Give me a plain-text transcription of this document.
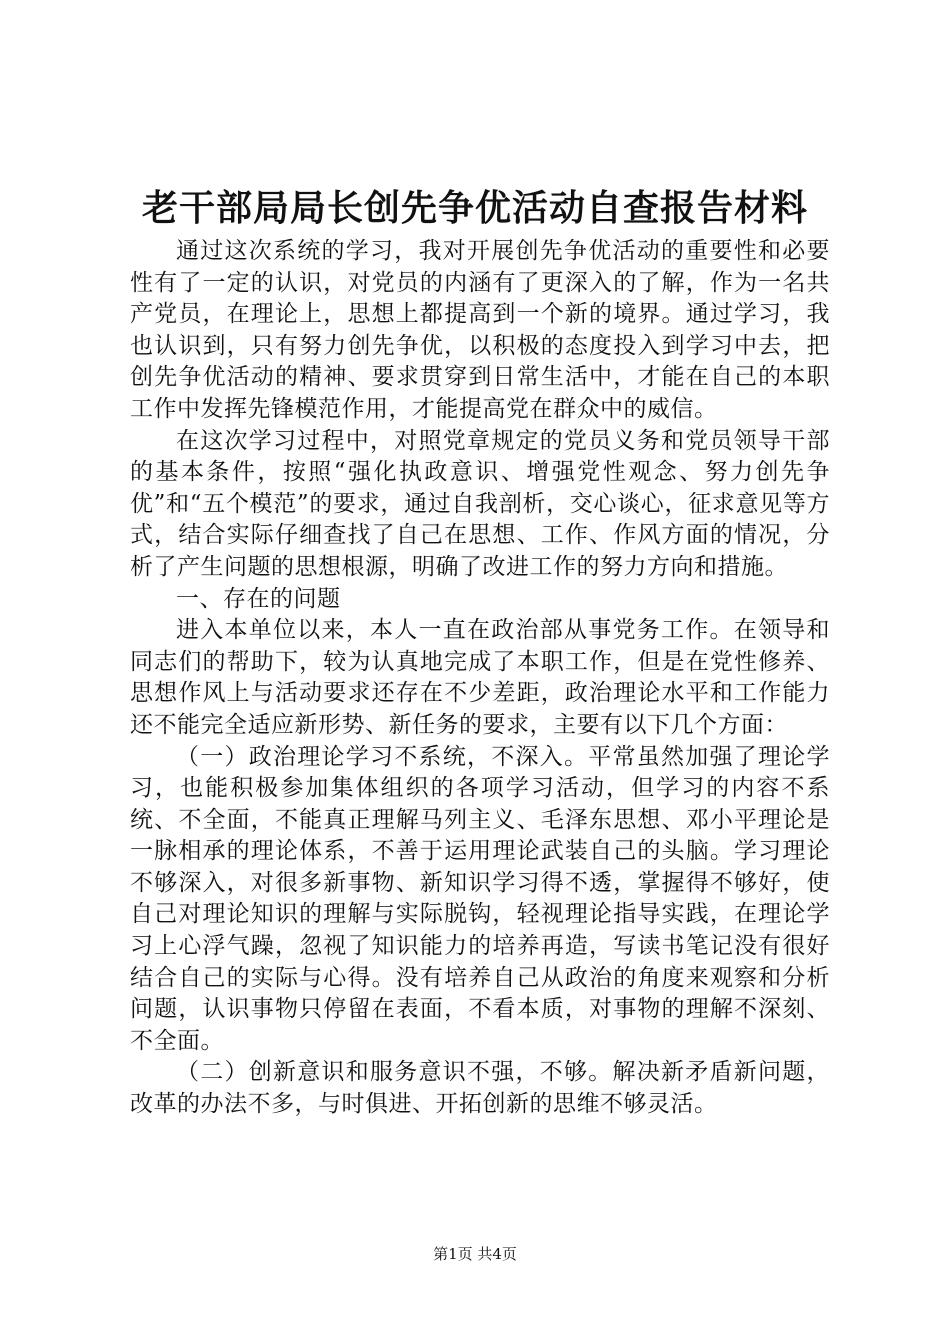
老干部局局长创先争优活动自查报告材料

通过这次系统的学习，我对开展创先争优活动的重要性和必要性有了一定的认识，对党员的内涵有了更深入的了解，作为一名共产党员，在理论上，思想上都提高到一个新的境界。通过学习，我也认识到，只有努力创先争优，以积极的态度投入到学习中去，把创先争优活动的精神、要求贯穿到日常生活中，才能在自己的本职工作中发挥先锋模范作用，才能提高党在群众中的威信。

在这次学习过程中，对照党章规定的党员义务和党员领导干部的基本条件，按照“强化执政意识、增强党性观念、努力创先争优”和“五个模范”的要求，通过自我剖析，交心谈心，征求意见等方式，结合实际仔细查找了自己在思想、工作、作风方面的情况，分析了产生问题的思想根源，明确了改进工作的努力方向和措施。

一、存在的问题

进入本单位以来，本人一直在政治部从事党务工作。在领导和同志们的帮助下，较为认真地完成了本职工作，但是在党性修养、思想作风上与活动要求还存在不少差距，政治理论水平和工作能力还不能完全适应新形势、新任务的要求，主要有以下几个方面：

（一）政治理论学习不系统，不深入。平常虽然加强了理论学习，也能积极参加集体组织的各项学习活动，但学习的内容不系统、不全面，不能真正理解马列主义、毛泽东思想、邓小平理论是一脉相承的理论体系，不善于运用理论武装自己的头脑。学习理论不够深入，对很多新事物、新知识学习得不透，掌握得不够好，使自己对理论知识的理解与实际脱钩，轻视理论指导实践，在理论学习上心浮气躁，忽视了知识能力的培养再造，写读书笔记没有很好结合自己的实际与心得。没有培养自己从政治的角度来观察和分析问题，认识事物只停留在表面，不看本质，对事物的理解不深刻、不全面。

（二）创新意识和服务意识不强，不够。解决新矛盾新问题，改革的办法不多，与时俱进、开拓创新的思维不够灵活。

第1页 共4页
